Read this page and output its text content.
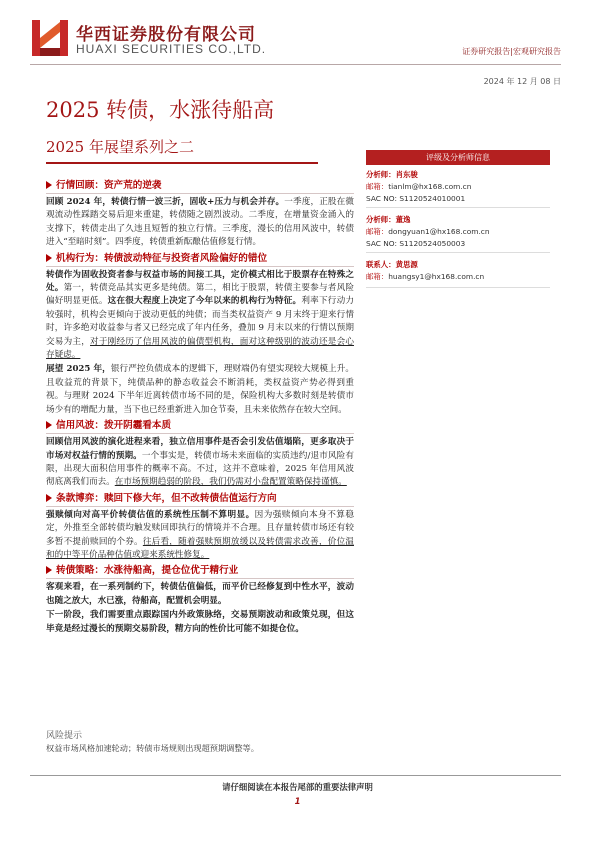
华西证券股份有限公司
HUAXI SECURITIES CO.,LTD.	证券研究报告|宏观研究报告
2024 年 12 月 08 日
2025 转债，水涨待船高
2025 年展望系列之二
行情回顾：资产荒的逆袭

回顾 2024 年，转债行情一波三折，固收+压力与机会并存。一季度，正股在微观流动性踩踏交易后迎来重建，转债随之剧烈波动。二季度，在增量资金涌入的支撑下，转债走出了久违且短暂的独立行情。三季度，漫长的信用风波中，转债进入“至暗时刻”。四季度，转债重新酝酿估值修复行情。

机构行为：转债波动特征与投资者风险偏好的错位

转债作为固收投资者参与权益市场的间接工具，定价模式相比于股票存在特殊之处。第一，转债竞品其实更多是纯债。第二，相比于股票，转债主要参与者风险偏好明显更低。这在很大程度上决定了今年以来的机构行为特征。利率下行动力较强时，机构会更倾向于波动更低的纯债；而当类权益资产 9 月末终于迎来行情时，许多绝对收益参与者又已经完成了年内任务，叠加 9 月末以来的行情以预期交易为主，对于刚经历了信用风波的偏债型机构，面对这种级别的波动还是会心存疑虑。

展望 2025 年，银行严控负债成本的逻辑下，理财端仍有望实现较大规模上升。且收益荒的背景下，纯债品种的静态收益会不断消耗，类权益资产势必得到重视。与理财 2024 下半年近离转债市场不同的是，保险机构大多数时刻是转债市场少有的增配力量，当下也已经重新进入加仓节奏，且未来依然存在较大空间。

信用风波：拨开阴霾看本质

回顾信用风波的演化进程来看，独立信用事件是否会引发估值塌陷，更多取决于市场对权益行情的预期。一个事实是，转债市场未来面临的实质违约/退市风险有限，出现大面积信用事件的概率不高。不过，这并不意味着，2025 年信用风波彻底离我们而去。在市场预期趋弱的阶段，我们仍需对小盘配置策略保持谨慎。

条款博弈：赎回下修大年，但不改转债估值运行方向

强赎倾向对高平价转债估值的系统性压制不算明显。因为强赎倾向本身不算稳定，外推至全部转债均触发赎回即执行的情境并不合理。且存量转债市场还有较多暂不提前赎回的个券。往后看，随着强赎预期放缓以及转债需求改善，价位温和的中等平价品种估值或迎来系统性修复。

转债策略：水涨待船高，提仓位优于精行业

客观来看，在一系列制约下，转债估值偏低，而平价已经修复到中性水平，波动也随之放大，水已涨，待船高，配置机会明显。

下一阶段，我们需要重点跟踪国内外政策脉络，交易预期波动和政策兑现，但这毕竟是经过漫长的预期交易阶段，精方向的性价比可能不如提仓位。

评级及分析师信息
分析师：肖东骏
邮箱：tianlm@hx168.com.cn
SAC NO: S1120524010001
分析师：董逸
邮箱：dongyuan1@hx168.com.cn
SAC NO: S1120524050003
联系人：黄思源
邮箱：huangsy1@hx168.com.cn
风险提示
权益市场风格加速轮动；转债市场规则出现超预期调整等。
请仔细阅读在本报告尾部的重要法律声明
1
